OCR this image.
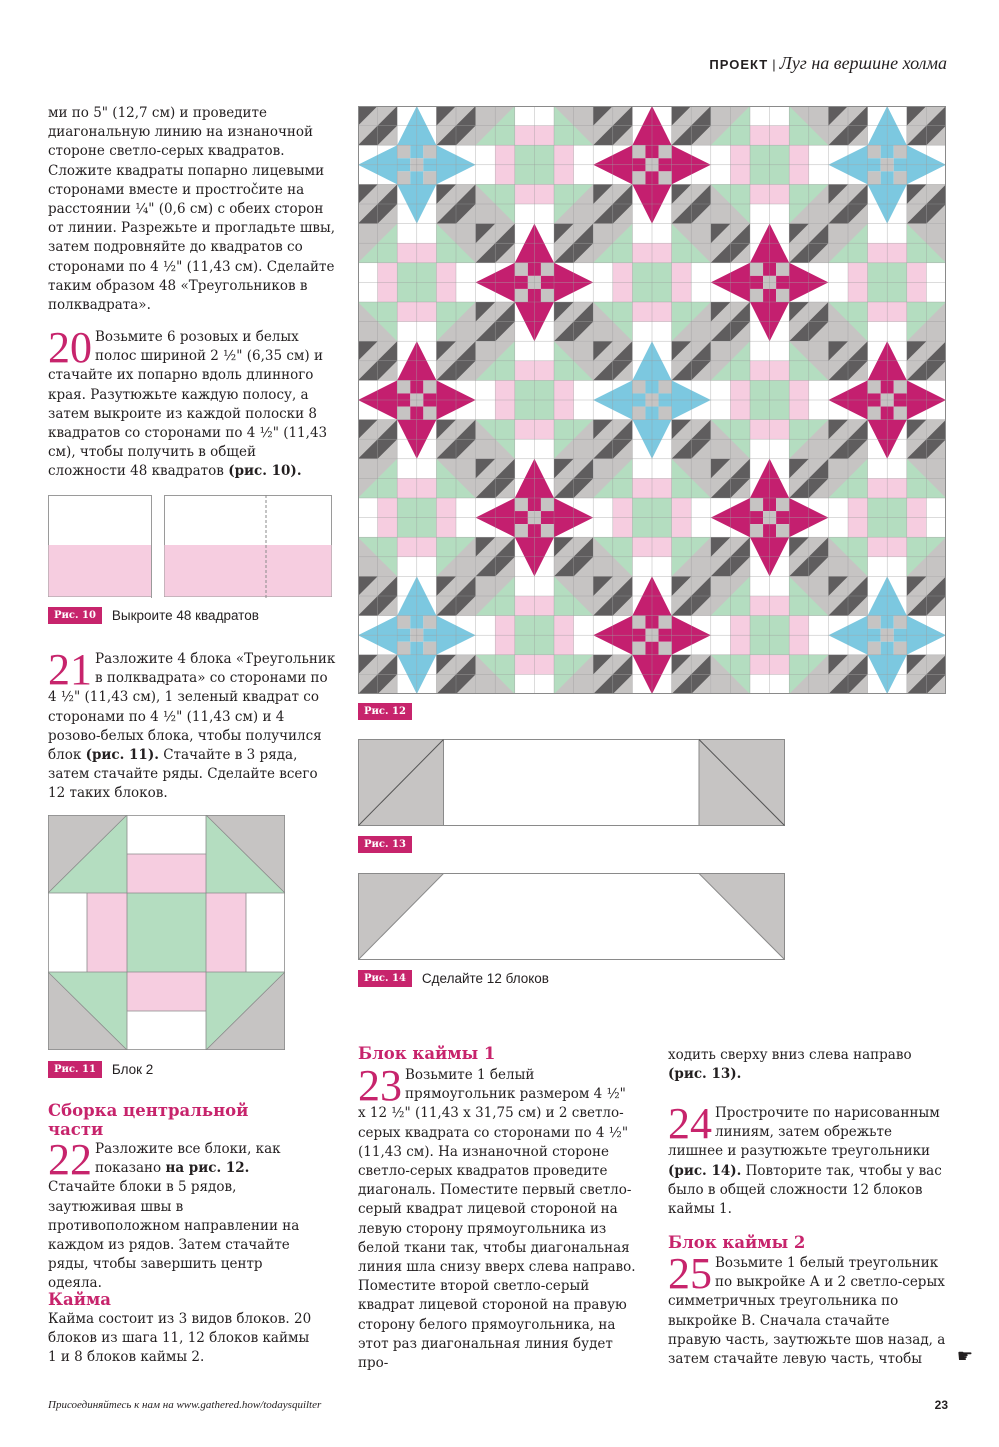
ПРОЕКТ | Луг на вершине холма

ми по 5" (12,7 см) и проведите диагональную линию на изнаночной стороне светло-серых квадратов. Сложите квадраты попарно лицевыми сторонами вместе и простročите на расстоянии ¼" (0,6 см) с обеих сторон от линии. Разрежьте и прогладьте швы, затем подровняйте до квадратов со сторонами по 4 ½" (11,43 см). Сделайте таким образом 48 «Треугольников в полквадрата».

20 Возьмите 6 розовых и белых полос шириной 2 ½" (6,35 см) и стачайте их попарно вдоль длинного края. Разутюжьте каждую полосу, а затем выкроите из каждой полоски 8 квадратов со сторонами по 4 ½" (11,43 см), чтобы получить в общей сложности 48 квадратов (рис. 10).

Рис. 10	Выкроите 48 квадратов
21 Разложите 4 блока «Треугольник в полквадрата» со сторонами по 4 ½" (11,43 см), 1 зеленый квадрат со сторонами по 4 ½" (11,43 см) и 4 розово-белых блока, чтобы получился блок (рис. 11). Стачайте в 3 ряда, затем стачайте ряды. Сделайте всего 12 таких блоков.

Рис. 11	Блок 2
Сборка центральной части
22 Разложите все блоки, как показано на рис. 12. Стачайте блоки в 5 рядов, заутюживая швы в противоположном направлении на каждом из рядов. Затем стачайте ряды, чтобы завершить центр одеяла.

Кайма

Кайма состоит из 3 видов блоков. 20 блоков из шага 11, 12 блоков каймы 1 и 8 блоков каймы 2.

Рис. 12
Рис. 13
Рис. 14	Сделайте 12 блоков
Блок каймы 1
23 Возьмите 1 белый прямоугольник размером 4 ½" x 12 ½" (11,43 x 31,75 см) и 2 светло-серых квадрата со сторонами по 4 ½" (11,43 см). На изнаночной стороне светло-серых квадратов проведите диагональ. Поместите первый светло-серый квадрат лицевой стороной на левую сторону прямоугольника из белой ткани так, чтобы диагональная линия шла снизу вверх слева направо. Поместите второй светло-серый квадрат лицевой стороной на правую сторону белого прямоугольника, на этот раз диагональная линия будет про-

ходить сверху вниз слева направо (рис. 13).

24 Прострочите по нарисованным линиям, затем обрежьте лишнее и разутюжьте треугольники (рис. 14). Повторите так, чтобы у вас было в общей сложности 12 блоков каймы 1.

Блок каймы 2
25 Возьмите 1 белый треугольник по выкройке А и 2 светло-серых симметричных треугольника по выкройке В. Сначала стачайте правую часть, заутюжьте шов назад, а затем стачайте левую часть, чтобы	☛
Присоединяйтесь к нам на www.gathered.how/todaysquilter	23
